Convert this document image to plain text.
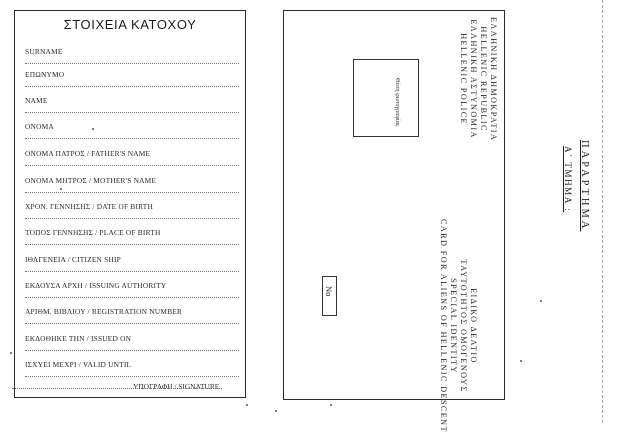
ΣΤΟΙΧΕΙΑ ΚΑΤΟΧΟΥ
SURNAME
ΕΠΩΝΥΜΟ
NAME
ΟΝΟΜΑ
ΟΝΟΜΑ ΠΑΤΡΟΣ / FATHER'S NAME
ΟΝΟΜΑ ΜΗΤΡΟΣ / MOTHER'S NAME
ΧΡΟΝ. ΓΕΝΝΗΣΗΣ / DATE OF BIRTH
ΤΟΠΟΣ ΓΕΝΝΗΣΗΣ / PLACE OF BIRTH
ΙΘΑΓΕΝΕΙΑ / CITIZEN SHIP
ΕΚΔΟΥΣΑ ΑΡΧΗ / ISSUING AUTHORITY
ΑΡΙΘΜ. ΒΙΒΛΙΟΥ / REGISTRATION NUMBER
ΕΚΔΟΘΗΚΕ ΤΗΝ / ISSUED ON
ΙΣΧΥΕΙ ΜΕΧΡΙ / VALID UNTIL
ΥΠΟΓΡΑΦΗ / SIGNATURE
ΕΛΛΗΝΙΚΗ ΔΗΜΟΚΡΑΤΙΑ
HELLENIC REPUBLIC
ΕΛΛΗΝΙΚΗ ΑΣΤΥΝΟΜΙΑ
HELLENIC POLICE
Θέση φωτογραφίας
ΕΙΔΙΚΟ ΔΕΛΤΙΟ
ΤΑΥΤΟΤΗΤΟΣ ΟΜΟΓΕΝΟΥΣ
SPECIAL IDENTITY
CARD FOR ALIENS OF HELLENIC DESCENT
No
ΠΑΡΑΡΤΗΜΑ
Α΄ ΤΜΗΜΑ :
